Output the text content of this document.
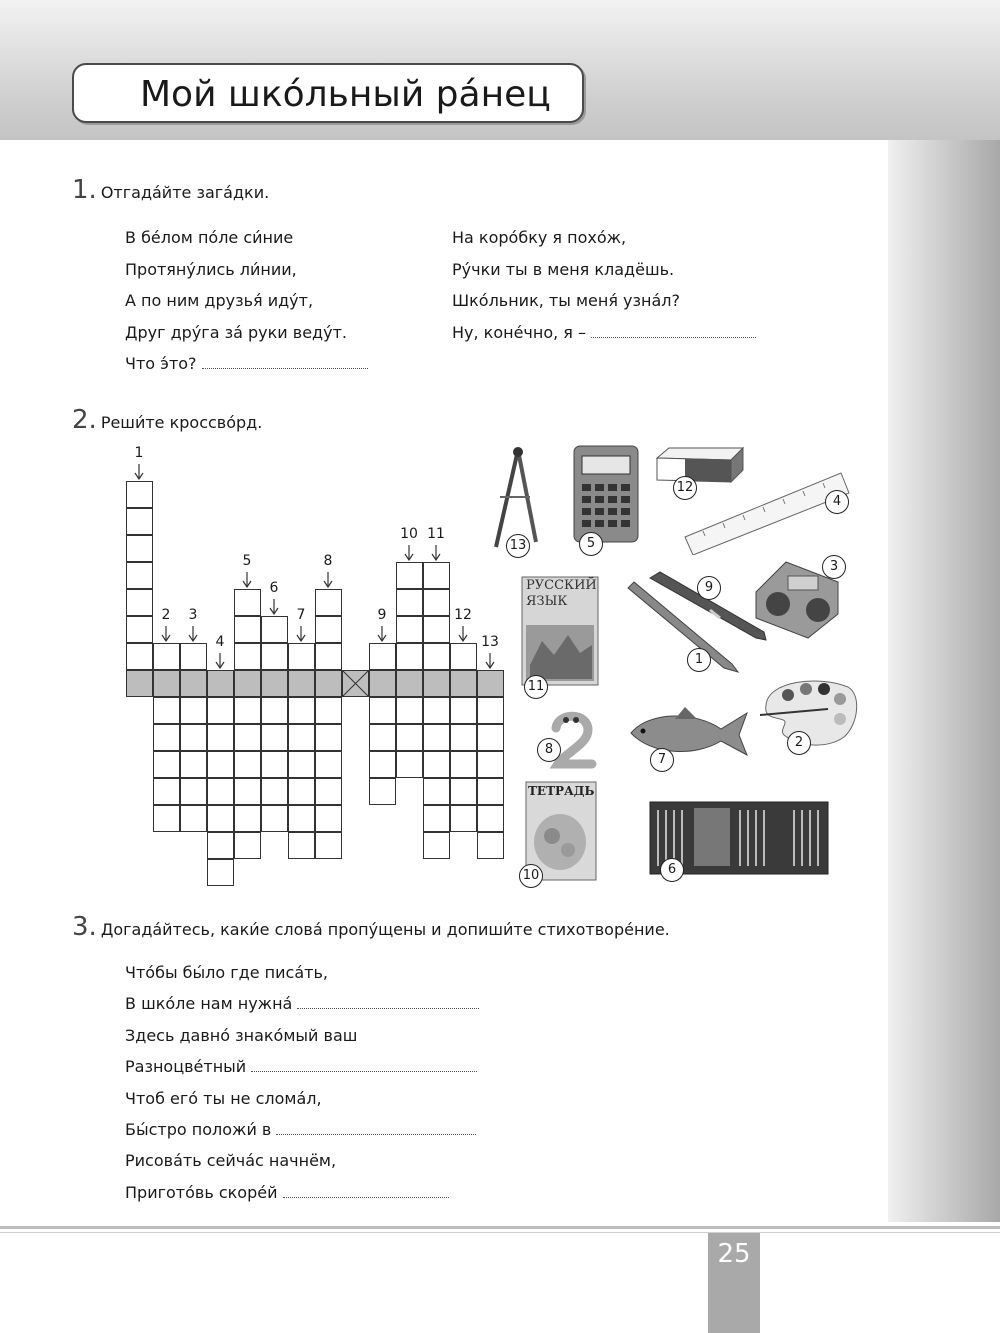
25
Мой шко́льный ра́нец
1. Отгада́йте зага́дки.
В бе́лом по́ле си́ние
Протяну́лись ли́нии,
А по ним друзья́ иду́т,
Друг дру́га за́ руки веду́т.
Что э́то?
На коро́бку я похо́ж,
Ру́чки ты в меня кладёшь.
Шко́льник, ты меня́ узна́л?
Ну, коне́чно, я –
2. Реши́те кроссво́рд.
1
2	3
4
5
6
7
8
9
10 11
12
13
13	5
12
4
РУССКИЙ ЯЗЫК
11
9
1
3
2
8
7
ТЕТРАДЬ
10	6
3. Догада́йтесь, каки́е слова́ пропу́щены и допиши́те стихотворе́ние.
Что́бы бы́ло где писа́ть,
В шко́ле нам нужна́
Здесь давно́ знако́мый ваш
Разноцве́тный
Чтоб его́ ты не слома́л,
Бы́стро положи́ в
Рисова́ть сейча́с начнём,
Пригото́вь скоре́й
